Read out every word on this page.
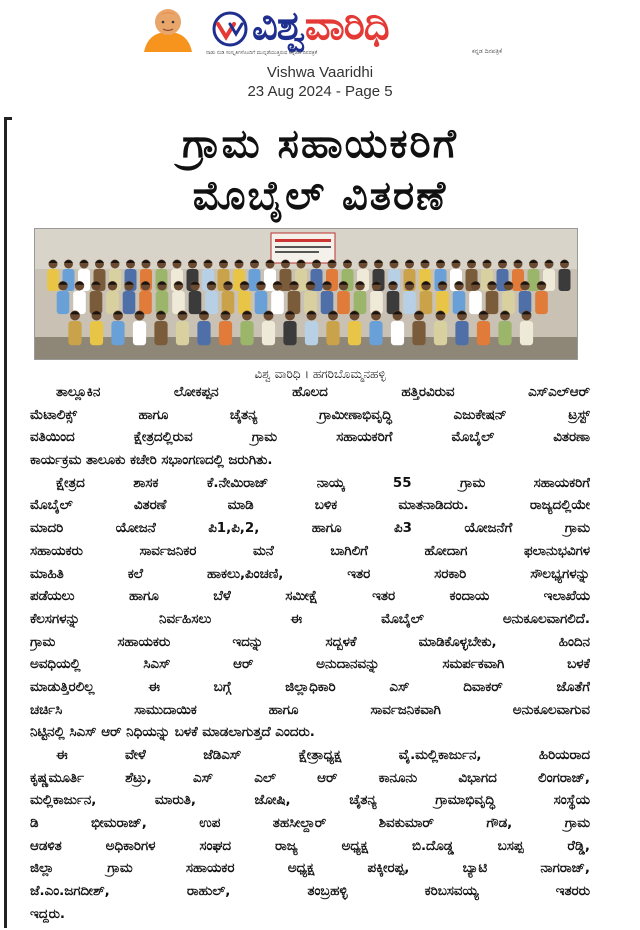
ವಿಶ್ವವಾರಿಧಿ
ನಾಡು ನುಡಿ ಸಂಸ್ಕೃತಿಗಳೊಂದಿಗೆ ಮುನ್ನಡೆಯುತ್ತಿರುವ ಕನ್ನಡದ ದಿನಪತ್ರಿಕೆ	ಕನ್ನಡ ದಿನಪತ್ರಿಕೆ
Vishwa Vaaridhi
23 Aug 2024 - Page 5
ಗ್ರಾಮ ಸಹಾಯಕರಿಗೆ
ಮೊಬೈಲ್ ವಿತರಣೆ
ವಿಶ್ವ ವಾರಿಧಿ । ಹಗರಿಬೊಮ್ಮನಹಳ್ಳಿ
ತಾಲ್ಲೂಕಿನ ಲೋಕಪ್ಪನ ಹೊಲದ ಹತ್ತಿರವಿರುವ ಎಸ್‌ಎಲ್‌ಆರ್
ಮೆಟಾಲಿಕ್ಸ್ ಹಾಗೂ ಚೈತನ್ಯ ಗ್ರಾಮೀಣಾಭಿವೃದ್ಧಿ ಎಜುಕೇಷನ್ ಟ್ರಸ್ಟ್
ವತಿಯಿಂದ ಕ್ಷೇತ್ರದಲ್ಲಿರುವ ಗ್ರಾಮ ಸಹಾಯಕರಿಗೆ ಮೊಬೈಲ್ ವಿತರಣಾ
ಕಾರ್ಯಕ್ರಮ ತಾಲೂಕು ಕಚೇರಿ ಸಭಾಂಗಣದಲ್ಲಿ ಜರುಗಿತು.
ಕ್ಷೇತ್ರದ ಶಾಸಕ ಕೆ.ನೇಮಿರಾಜ್ ನಾಯ್ಕ 55 ಗ್ರಾಮ ಸಹಾಯಕರಿಗೆ
ಮೊಬೈಲ್ ವಿತರಣೆ ಮಾಡಿ ಬಳಿಕ ಮಾತನಾಡಿದರು. ರಾಜ್ಯದಲ್ಲಿಯೇ
ಮಾದರಿ ಯೋಜನೆ ಪಿ1,ಪಿ,2, ಹಾಗೂ ಪಿ3 ಯೋಜನೆಗೆ ಗ್ರಾಮ
ಸಹಾಯಕರು ಸಾರ್ವಜನಿಕರ ಮನೆ ಬಾಗಿಲಿಗೆ ಹೋದಾಗ ಫಲಾನುಭವಿಗಳ
ಮಾಹಿತಿ ಕಲೆ ಹಾಕಲು,ಪಿಂಚಣಿ, ಇತರ ಸರಕಾರಿ ಸೌಲಭ್ಯಗಳನ್ನು
ಪಡೆಯಲು ಹಾಗೂ ಬೆಳೆ ಸಮೀಕ್ಷೆ ಇತರ ಕಂದಾಯ ಇಲಾಖೆಯ
ಕೆಲಸಗಳನ್ನು ನಿರ್ವಹಿಸಲು ಈ ಮೊಬೈಲ್ ಅನುಕೂಲವಾಗಲಿದೆ.
ಗ್ರಾಮ ಸಹಾಯಕರು ಇದನ್ನು ಸದ್ಬಳಕೆ ಮಾಡಿಕೊಳ್ಳಬೇಕು, ಹಿಂದಿನ
ಅವಧಿಯಲ್ಲಿ ಸಿಎಸ್ ಆರ್ ಅನುದಾನವನ್ನು ಸಮರ್ಪಕವಾಗಿ ಬಳಕೆ
ಮಾಡುತ್ತಿರಲಿಲ್ಲ ಈ ಬಗ್ಗೆ ಜಿಲ್ಲಾಧಿಕಾರಿ ಎಸ್ ದಿವಾಕರ್ ಜೊತೆಗೆ
ಚರ್ಚಿಸಿ ಸಾಮುದಾಯಿಕ ಹಾಗೂ ಸಾರ್ವಜನಿಕವಾಗಿ ಅನುಕೂಲವಾಗುವ
ನಿಟ್ಟಿನಲ್ಲಿ ಸಿಎಸ್ ಆರ್ ನಿಧಿಯನ್ನು ಬಳಕೆ ಮಾಡಲಾಗುತ್ತದೆ ಎಂದರು.
ಈ ವೇಳೆ ಜೆಡಿಎಸ್ ಕ್ಷೇತ್ರಾಧ್ಯಕ್ಷ ವೈ.ಮಲ್ಲಿಕಾರ್ಜುನ, ಹಿರಿಯರಾದ
ಕೃಷ್ಣಮೂರ್ತಿ ಶೆಟ್ರು, ಎಸ್ ಎಲ್ ಆರ್ ಕಾನೂನು ವಿಭಾಗದ ಲಿಂಗರಾಜ್,
ಮಲ್ಲಿಕಾರ್ಜುನ, ಮಾರುತಿ, ಜೋಷಿ, ಚೈತನ್ಯ ಗ್ರಾಮಾಭಿವೃದ್ಧಿ ಸಂಸ್ಥೆಯ
ಡಿ ಭೀಮರಾಜ್, ಉಪ ತಹಸೀಲ್ದಾರ್ ಶಿವಕುಮಾರ್ ಗೌಡ, ಗ್ರಾಮ
ಆಡಳಿತ ಅಧಿಕಾರಿಗಳ ಸಂಘದ ರಾಜ್ಯ ಅಧ್ಯಕ್ಷ ಬಿ.ದೊಡ್ಡ ಬಸಪ್ಪ ರೆಡ್ಡಿ,
ಜಿಲ್ಲಾ ಗ್ರಾಮ ಸಹಾಯಕರ ಅಧ್ಯಕ್ಷ ಪಕ್ಕೀರಪ್ಪ, ಬ್ಯಾಟಿ ನಾಗರಾಜ್,
ಜೆ.ಎಂ.ಜಗದೀಶ್, ರಾಹುಲ್, ತಂಬ್ರಹಳ್ಳಿ ಕರಿಬಸವಯ್ಯ ಇತರರು
ಇದ್ದರು.
